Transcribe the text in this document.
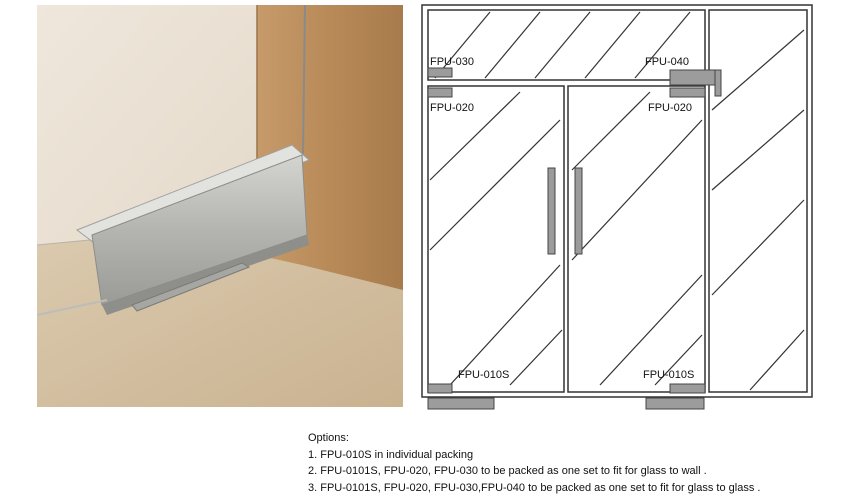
FPU-030	FPU-040
FPU-020	FPU-020
FPU-010S	FPU-010S
Options:
1. FPU-010S in individual packing
2. FPU-0101S, FPU-020, FPU-030 to be packed as one set to fit for glass to wall .
3. FPU-0101S, FPU-020, FPU-030,FPU-040 to be packed as one set to fit for glass to glass .
